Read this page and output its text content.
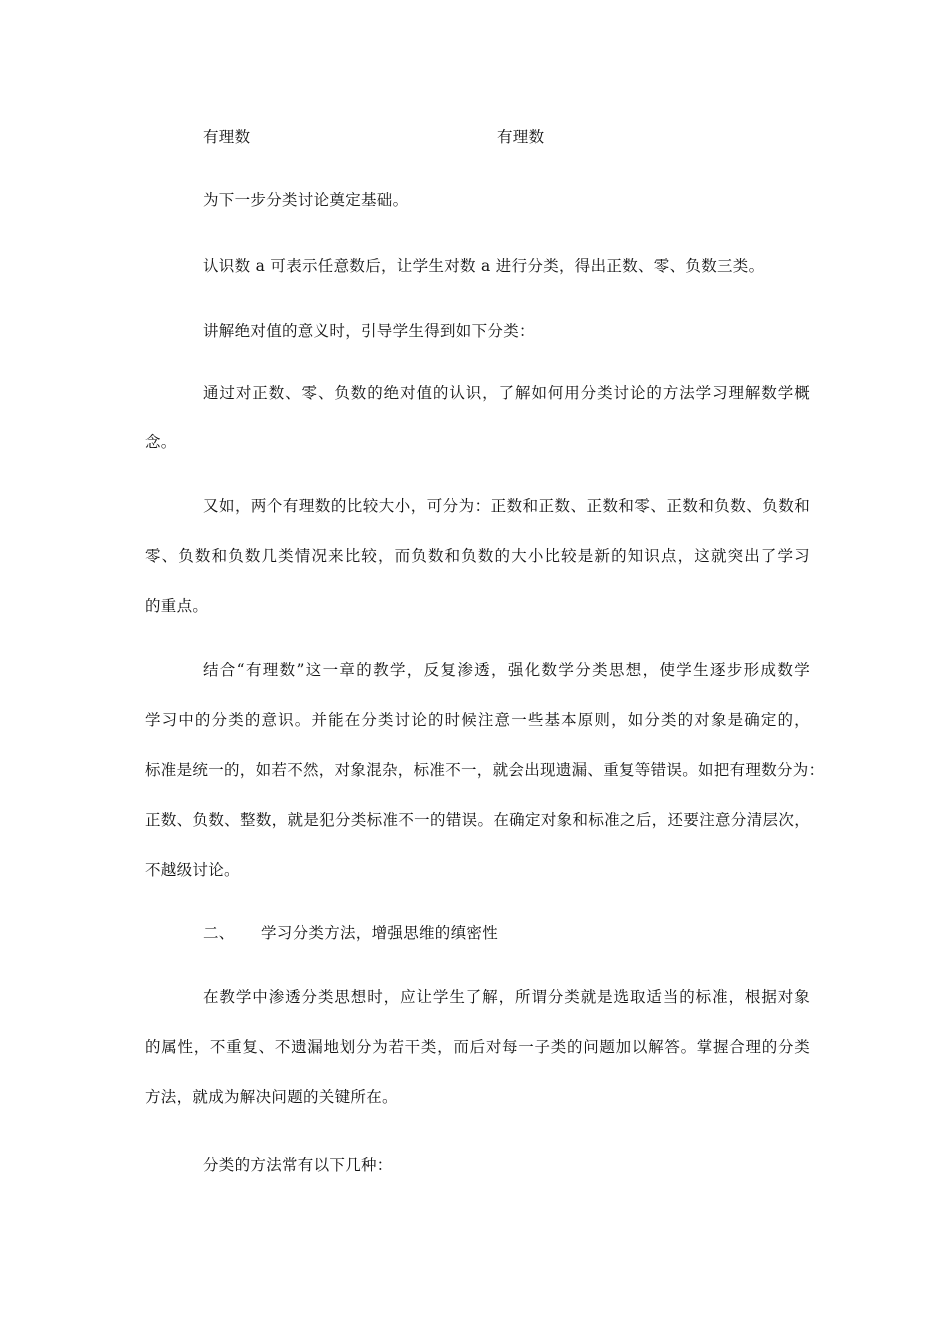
有理数	有理数
为下一步分类讨论奠定基础。
认识数 a 可表示任意数后，让学生对数 a 进行分类，得出正数、零、负数三类。
讲解绝对值的意义时，引导学生得到如下分类：
通过对正数、零、负数的绝对值的认识，了解如何用分类讨论的方法学习理解数学概
念。
又如，两个有理数的比较大小，可分为：正数和正数、正数和零、正数和负数、负数和
零、负数和负数几类情况来比较，而负数和负数的大小比较是新的知识点，这就突出了学习
的重点。
结合“有理数”这一章的教学，反复渗透，强化数学分类思想，使学生逐步形成数学
学习中的分类的意识。并能在分类讨论的时候注意一些基本原则，如分类的对象是确定的，
标准是统一的，如若不然，对象混杂，标准不一，就会出现遗漏、重复等错误。如把有理数分为：
正数、负数、整数，就是犯分类标准不一的错误。在确定对象和标准之后，还要注意分清层次，
不越级讨论。
二、 学习分类方法，增强思维的缜密性
在教学中渗透分类思想时，应让学生了解，所谓分类就是选取适当的标准，根据对象
的属性，不重复、不遗漏地划分为若干类，而后对每一子类的问题加以解答。掌握合理的分类
方法，就成为解决问题的关键所在。
分类的方法常有以下几种：
